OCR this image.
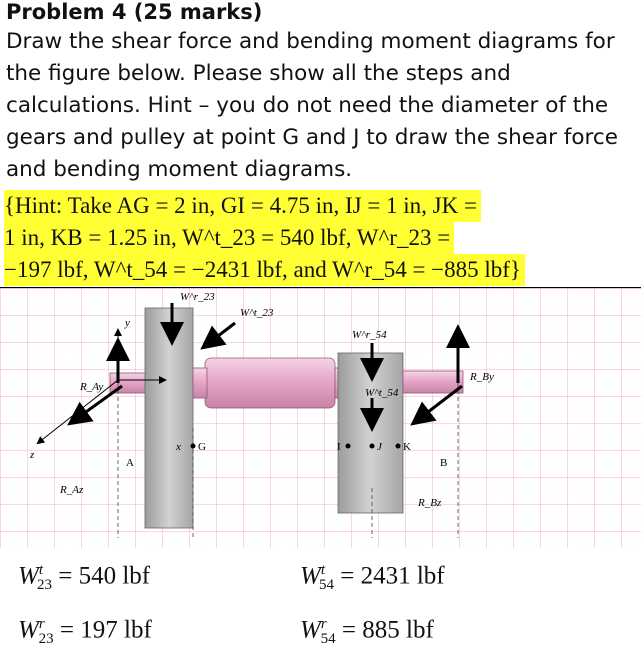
Problem 4 (25 marks)
Draw the shear force and bending moment diagrams for
the figure below. Please show all the steps and
calculations. Hint – you do not need the diameter of the
gears and pulley at point G and J to draw the shear force
and bending moment diagrams.
{Hint: Take AG = 2 in, GI = 4.75 in, IJ = 1 in, JK =
1 in, KB = 1.25 in, W^t_23 = 540 lbf, W^r_23 =
−197 lbf, W^t_54 = −2431 lbf, and W^r_54 = −885 lbf}
y
z
A	B
G	I	J K
x
R_Ay
R_Az
R_By
R_Bz
W^r_23
W^t_23
W^r_54
W^t_54
$W^t_{23} = 540$ lbf
$W^r_{23} = 197$ lbf
$W^t_{54} = 2431$ lbf
$W^r_{54} = 885$ lbf
